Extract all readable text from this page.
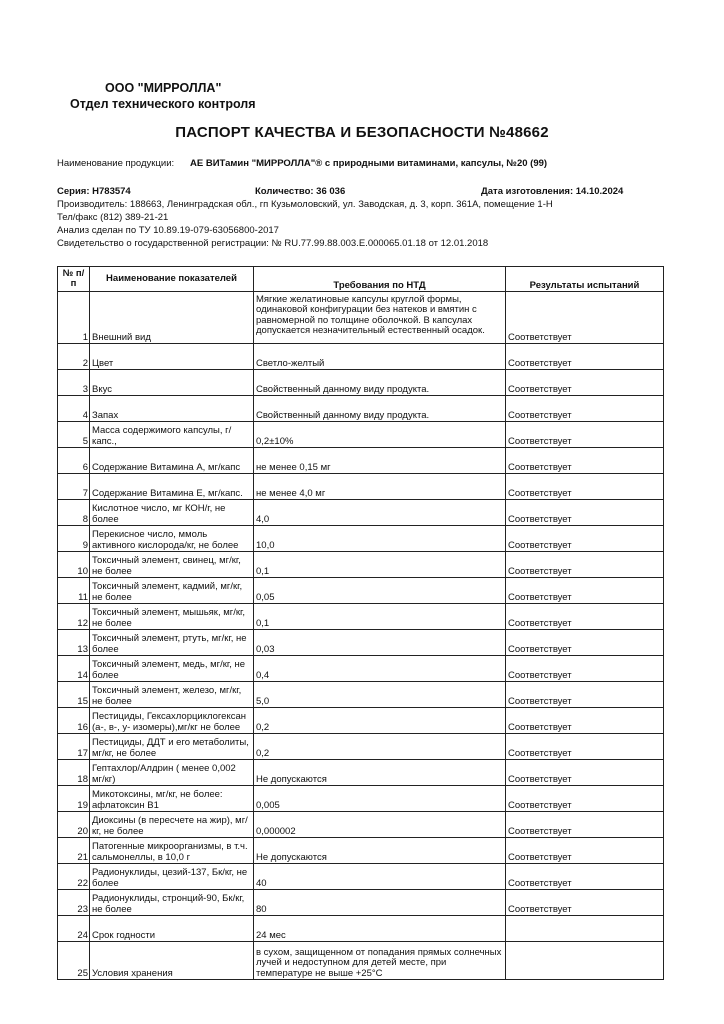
ООО "МИРРОЛЛА"
Отдел технического контроля
ПАСПОРТ КАЧЕСТВА И БЕЗОПАСНОСТИ №48662
Наименование продукции: АЕ ВИТамин "МИРРОЛЛА"® с природными витаминами, капсулы, №20 (99)
Серия: Н783574	Количество: 36 036	Дата изготовления: 14.10.2024
Производитель: 188663, Ленинградская обл., гп Кузьмоловский, ул. Заводская, д. 3, корп. 361А, помещение 1-Н
Тел/факс (812) 389-21-21
Анализ сделан по ТУ 10.89.19-079-63056800-2017
Свидетельство о государственной регистрации: № RU.77.99.88.003.Е.000065.01.18 от 12.01.2018
№ п/п	Наименование показателей	Требования по НТД	Результаты испытаний
1	Внешний вид	Мягкие желатиновые капсулы круглой формы, одинаковой конфигурации без натеков и вмятин с равномерной по толщине оболочкой. В капсулах допускается незначительный естественный осадок.	Соответствует
2	Цвет	Светло-желтый	Соответствует
3	Вкус	Свойственный данному виду продукта.	Соответствует
4	Запах	Свойственный данному виду продукта.	Соответствует
5	Масса содержимого капсулы, г/капс.,	0,2±10%	Соответствует
6	Содержание Витамина А, мг/капс	не менее 0,15 мг	Соответствует
7	Содержание Витамина Е, мг/капс.	не менее 4,0 мг	Соответствует
8	Кислотное число, мг КОН/г, не более	4,0	Соответствует
9	Перекисное число, ммоль активного кислорода/кг, не более	10,0	Соответствует
10	Токсичный элемент, свинец, мг/кг, не более	0,1	Соответствует
11	Токсичный элемент, кадмий, мг/кг, не более	0,05	Соответствует
12	Токсичный элемент, мышьяк, мг/кг, не более	0,1	Соответствует
13	Токсичный элемент, ртуть, мг/кг, не более	0,03	Соответствует
14	Токсичный элемент, медь, мг/кг, не более	0,4	Соответствует
15	Токсичный элемент, железо, мг/кг, не более	5,0	Соответствует
16	Пестициды, Гексахлорциклогексан (а-, в-, у- изомеры),мг/кг не более	0,2	Соответствует
17	Пестициды, ДДТ и его метаболиты, мг/кг, не более	0,2	Соответствует
18	Гептахлор/Алдрин ( менее 0,002 мг/кг)	Не допускаются	Соответствует
19	Микотоксины, мг/кг, не более: афлатоксин В1	0,005	Соответствует
20	Диоксины (в пересчете на жир), мг/кг, не более	0,000002	Соответствует
21	Патогенные микроорганизмы, в т.ч. сальмонеллы, в 10,0 г	Не допускаются	Соответствует
22	Радионуклиды, цезий-137, Бк/кг, не более	40	Соответствует
23	Радионуклиды, стронций-90, Бк/кг, не более	80	Соответствует
24	Срок годности	24 мес	
25	Условия хранения	в сухом, защищенном от попадания прямых солнечных лучей и недоступном для детей месте, при температуре не выше +25°С	
